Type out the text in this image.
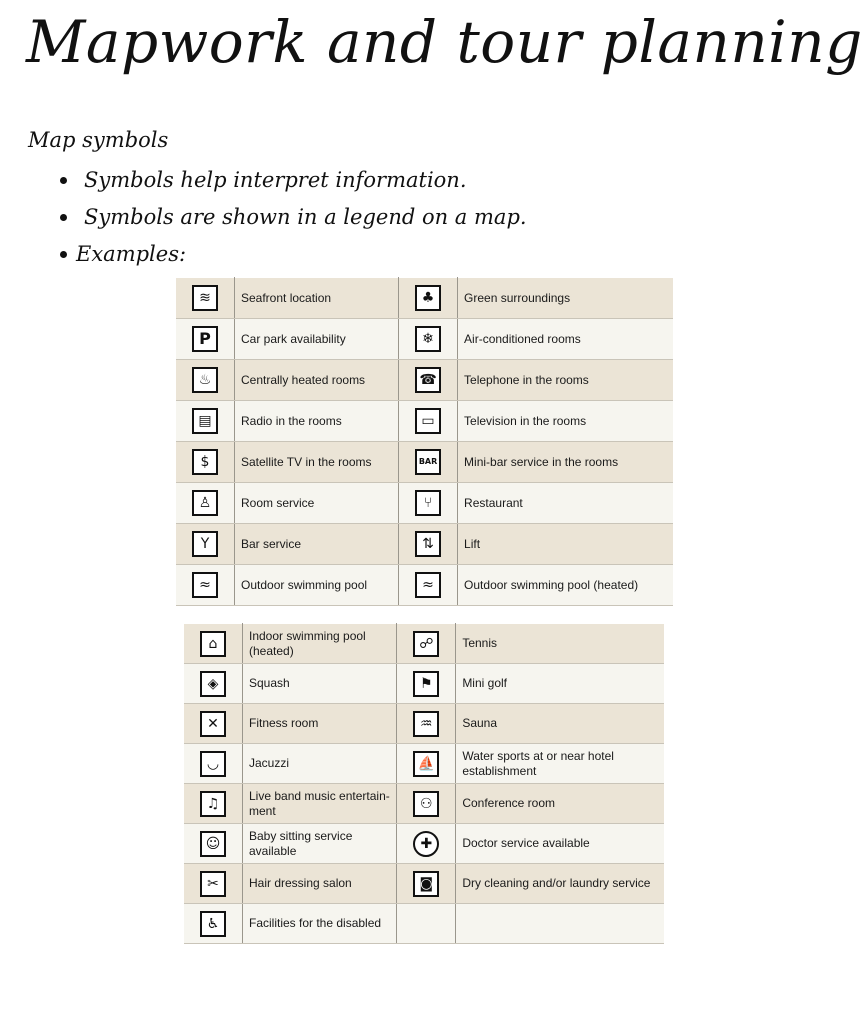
Mapwork and tour planning
Map symbols
Symbols help interpret information.
Symbols are shown in a legend on a map.
Examples:
≋	Seafront location	♣	Green surroundings
P	Car park availability	❄	Air-conditioned rooms
♨	Centrally heated rooms	☎	Telephone in the rooms
▤	Radio in the rooms	▭	Television in the rooms
$	Satellite TV in the rooms	BAR	Mini-bar service in the rooms
♙	Room service	⑂	Restaurant
Y	Bar service	⇅	Lift
≈	Outdoor swimming pool	≈	Outdoor swimming pool (heated)
⌂	Indoor swimming pool (heated)	☍	Tennis
◈	Squash	⚑	Mini golf
✕	Fitness room	♒	Sauna
◡	Jacuzzi	⛵	Water sports at or near hotel establishment
♫	Live band music entertain-ment	⚇	Conference room
☺	Baby sitting service available	✚	Doctor service available
✂	Hair dressing salon	◙	Dry cleaning and/or laundry service
♿	Facilities for the disabled		
